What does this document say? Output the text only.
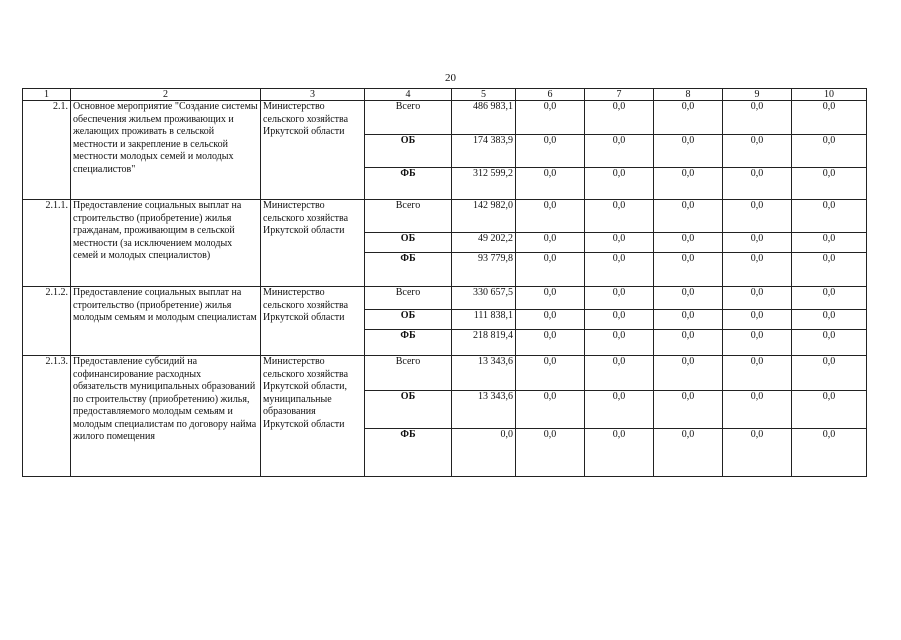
20
1	2	3	4	5	6	7	8	9	10
2.1.	Основное мероприятие "Создание системы обеспечения жильем проживающих и желающих проживать в сельской местности и закрепление в сельской местности молодых семей и молодых специалистов"	Министерство сельского хозяйства Иркутской области	Всего	486 983,1	0,0	0,0	0,0	0,0	0,0
			ОБ	174 383,9	0,0	0,0	0,0	0,0	0,0
			ФБ	312 599,2	0,0	0,0	0,0	0,0	0,0
2.1.1.	Предоставление социальных выплат на строительство (приобретение) жилья гражданам, проживающим в сельской местности (за исключением молодых семей и молодых специалистов)	Министерство сельского хозяйства Иркутской области	Всего	142 982,0	0,0	0,0	0,0	0,0	0,0
			ОБ	49 202,2	0,0	0,0	0,0	0,0	0,0
			ФБ	93 779,8	0,0	0,0	0,0	0,0	0,0
2.1.2.	Предоставление социальных выплат на строительство (приобретение) жилья молодым семьям и молодым специалистам	Министерство сельского хозяйства Иркутской области	Всего	330 657,5	0,0	0,0	0,0	0,0	0,0
			ОБ	111 838,1	0,0	0,0	0,0	0,0	0,0
			ФБ	218 819,4	0,0	0,0	0,0	0,0	0,0
2.1.3.	Предоставление субсидий на софинансирование расходных обязательств муниципальных образований по строительству (приобретению) жилья, предоставляемого молодым семьям и молодым специалистам по договору найма жилого помещения	Министерство сельского хозяйства Иркутской области, муниципальные образования Иркутской области	Всего	13 343,6	0,0	0,0	0,0	0,0	0,0
			ОБ	13 343,6	0,0	0,0	0,0	0,0	0,0
			ФБ	0,0	0,0	0,0	0,0	0,0	0,0
